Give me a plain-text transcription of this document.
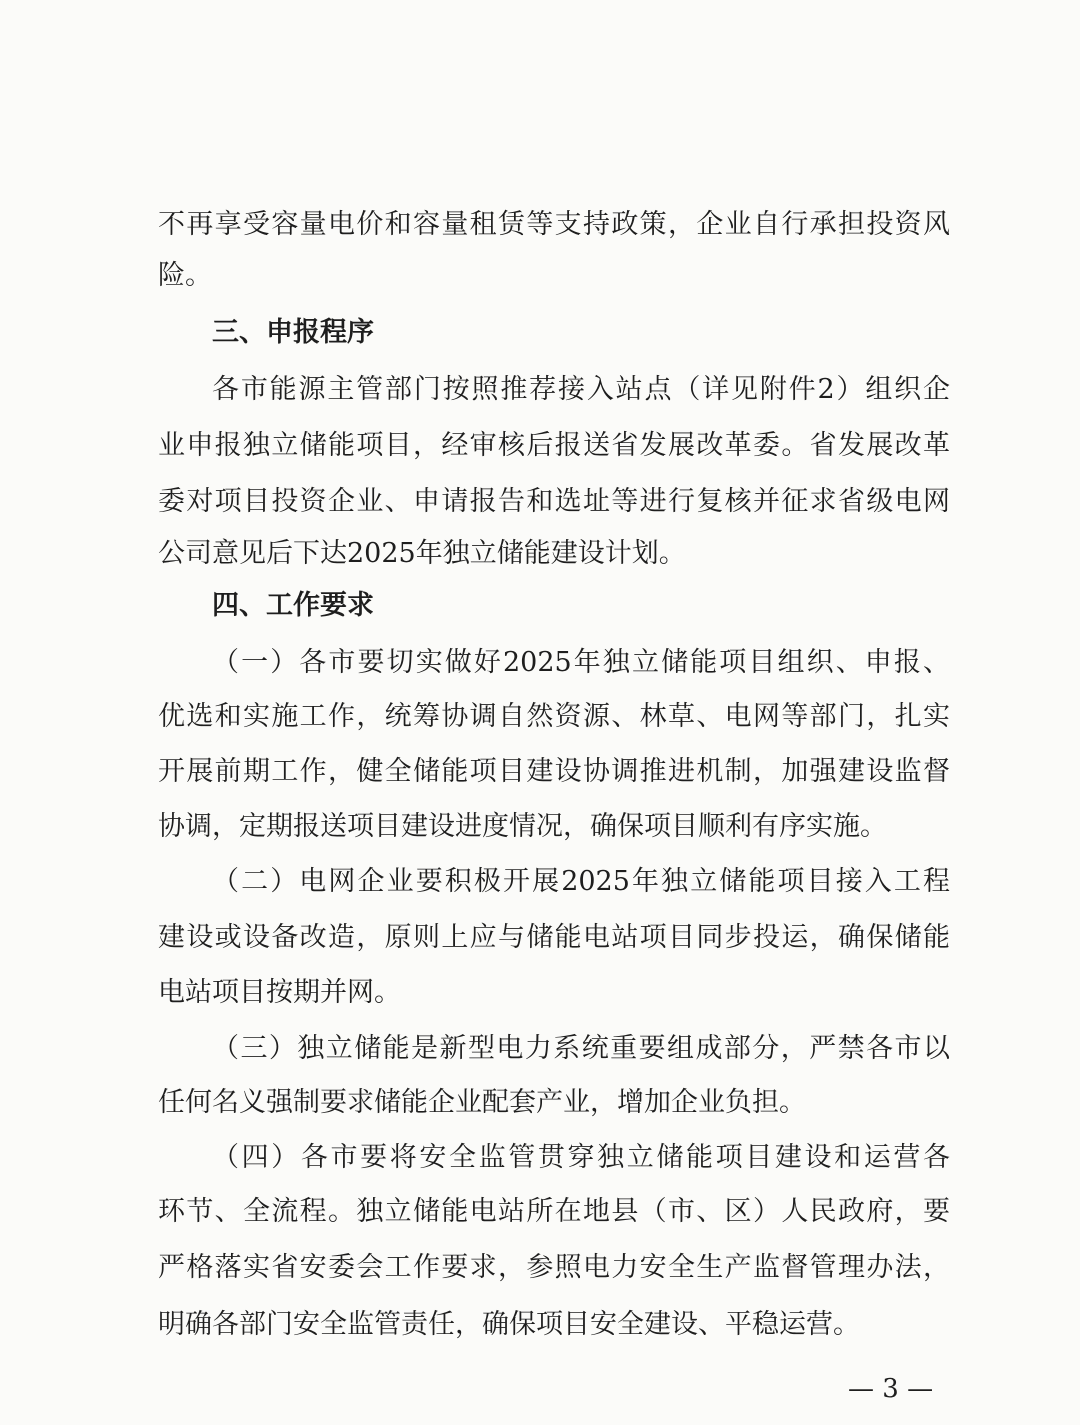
不再享受容量电价和容量租赁等支持政策，企业自行承担投资风
险。
三、申报程序
各市能源主管部门按照推荐接入站点（详见附件2）组织企
业申报独立储能项目，经审核后报送省发展改革委。省发展改革
委对项目投资企业、申请报告和选址等进行复核并征求省级电网
公司意见后下达2025年独立储能建设计划。
四、工作要求
（一）各市要切实做好2025年独立储能项目组织、申报、
优选和实施工作，统筹协调自然资源、林草、电网等部门，扎实
开展前期工作，健全储能项目建设协调推进机制，加强建设监督
协调，定期报送项目建设进度情况，确保项目顺利有序实施。
（二）电网企业要积极开展2025年独立储能项目接入工程
建设或设备改造，原则上应与储能电站项目同步投运，确保储能
电站项目按期并网。
（三）独立储能是新型电力系统重要组成部分，严禁各市以
任何名义强制要求储能企业配套产业，增加企业负担。
（四）各市要将安全监管贯穿独立储能项目建设和运营各
环节、全流程。独立储能电站所在地县（市、区）人民政府，要
严格落实省安委会工作要求，参照电力安全生产监督管理办法，
明确各部门安全监管责任，确保项目安全建设、平稳运营。
— 3 —
